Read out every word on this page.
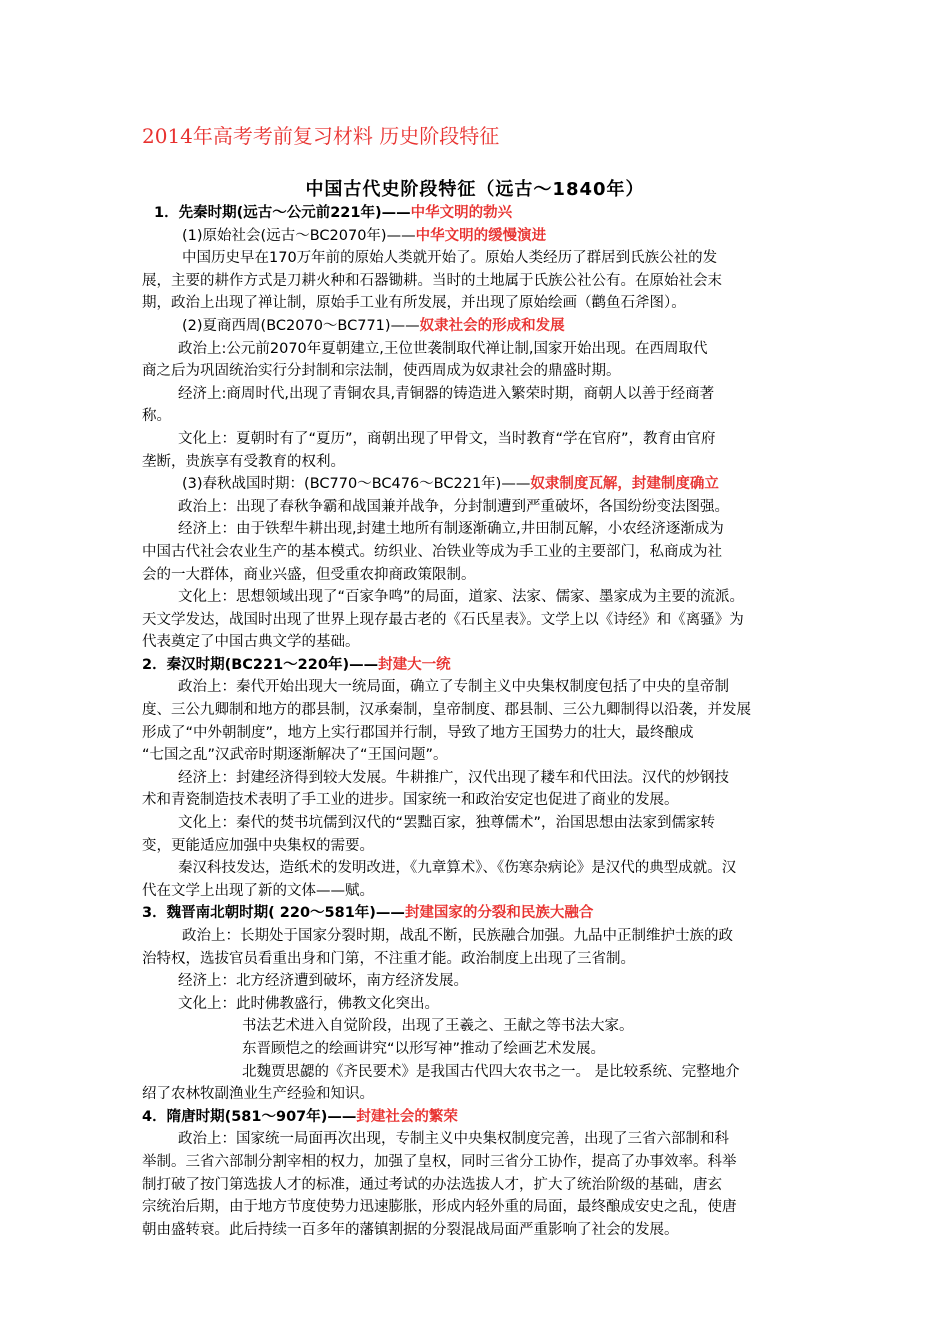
2014年高考考前复习材料 历史阶段特征
中国古代史阶段特征（远古～1840年）
1．先秦时期(远古～公元前221年)——中华文明的勃兴
(1)原始社会(远古～BC2070年)——中华文明的缓慢演进
中国历史早在170万年前的原始人类就开始了。原始人类经历了群居到氏族公社的发
展，主要的耕作方式是刀耕火种和石器锄耕。当时的土地属于氏族公社公有。在原始社会末
期，政治上出现了禅让制，原始手工业有所发展，并出现了原始绘画（鹳鱼石斧图）。
(2)夏商西周(BC2070～BC771)——奴隶社会的形成和发展
政治上:公元前2070年夏朝建立,王位世袭制取代禅让制,国家开始出现。在西周取代
商之后为巩固统治实行分封制和宗法制，使西周成为奴隶社会的鼎盛时期。
经济上:商周时代,出现了青铜农具,青铜器的铸造进入繁荣时期，商朝人以善于经商著
称。
文化上：夏朝时有了“夏历”，商朝出现了甲骨文，当时教育“学在官府”，教育由官府
垄断，贵族享有受教育的权利。
(3)春秋战国时期：(BC770～BC476～BC221年)——奴隶制度瓦解，封建制度确立
政治上：出现了春秋争霸和战国兼并战争，分封制遭到严重破坏，各国纷纷变法图强。
经济上：由于铁犁牛耕出现,封建土地所有制逐渐确立,井田制瓦解，小农经济逐渐成为
中国古代社会农业生产的基本模式。纺织业、冶铁业等成为手工业的主要部门，私商成为社
会的一大群体，商业兴盛，但受重农抑商政策限制。
文化上：思想领域出现了“百家争鸣”的局面，道家、法家、儒家、墨家成为主要的流派。
天文学发达，战国时出现了世界上现存最古老的《石氏星表》。文学上以《诗经》和《离骚》为
代表奠定了中国古典文学的基础。
2．秦汉时期(BC221～220年)——封建大一统
政治上：秦代开始出现大一统局面，确立了专制主义中央集权制度包括了中央的皇帝制
度、三公九卿制和地方的郡县制，汉承秦制，皇帝制度、郡县制、三公九卿制得以沿袭，并发展
形成了“中外朝制度”，地方上实行郡国并行制，导致了地方王国势力的壮大，最终酿成
“七国之乱”汉武帝时期逐渐解决了“王国问题”。
经济上：封建经济得到较大发展。牛耕推广，汉代出现了耧车和代田法。汉代的炒钢技
术和青瓷制造技术表明了手工业的进步。国家统一和政治安定也促进了商业的发展。
文化上：秦代的焚书坑儒到汉代的“罢黜百家，独尊儒术”，治国思想由法家到儒家转
变，更能适应加强中央集权的需要。
秦汉科技发达，造纸术的发明改进，《九章算术》、《伤寒杂病论》是汉代的典型成就。汉
代在文学上出现了新的文体——赋。
3．魏晋南北朝时期( 220～581年)——封建国家的分裂和民族大融合
政治上：长期处于国家分裂时期，战乱不断，民族融合加强。九品中正制维护士族的政
治特权，选拔官员看重出身和门第，不注重才能。政治制度上出现了三省制。
经济上：北方经济遭到破坏，南方经济发展。
文化上：此时佛教盛行，佛教文化突出。
书法艺术进入自觉阶段，出现了王羲之、王献之等书法大家。
东晋顾恺之的绘画讲究“以形写神”推动了绘画艺术发展。
北魏贾思勰的《齐民要术》是我国古代四大农书之一。 是比较系统、完整地介
绍了农林牧副渔业生产经验和知识。
4．隋唐时期(581～907年)——封建社会的繁荣
政治上：国家统一局面再次出现，专制主义中央集权制度完善，出现了三省六部制和科
举制。三省六部制分割宰相的权力，加强了皇权，同时三省分工协作，提高了办事效率。科举
制打破了按门第选拔人才的标准，通过考试的办法选拔人才，扩大了统治阶级的基础，唐玄
宗统治后期，由于地方节度使势力迅速膨胀，形成内轻外重的局面，最终酿成安史之乱，使唐
朝由盛转衰。此后持续一百多年的藩镇割据的分裂混战局面严重影响了社会的发展。
